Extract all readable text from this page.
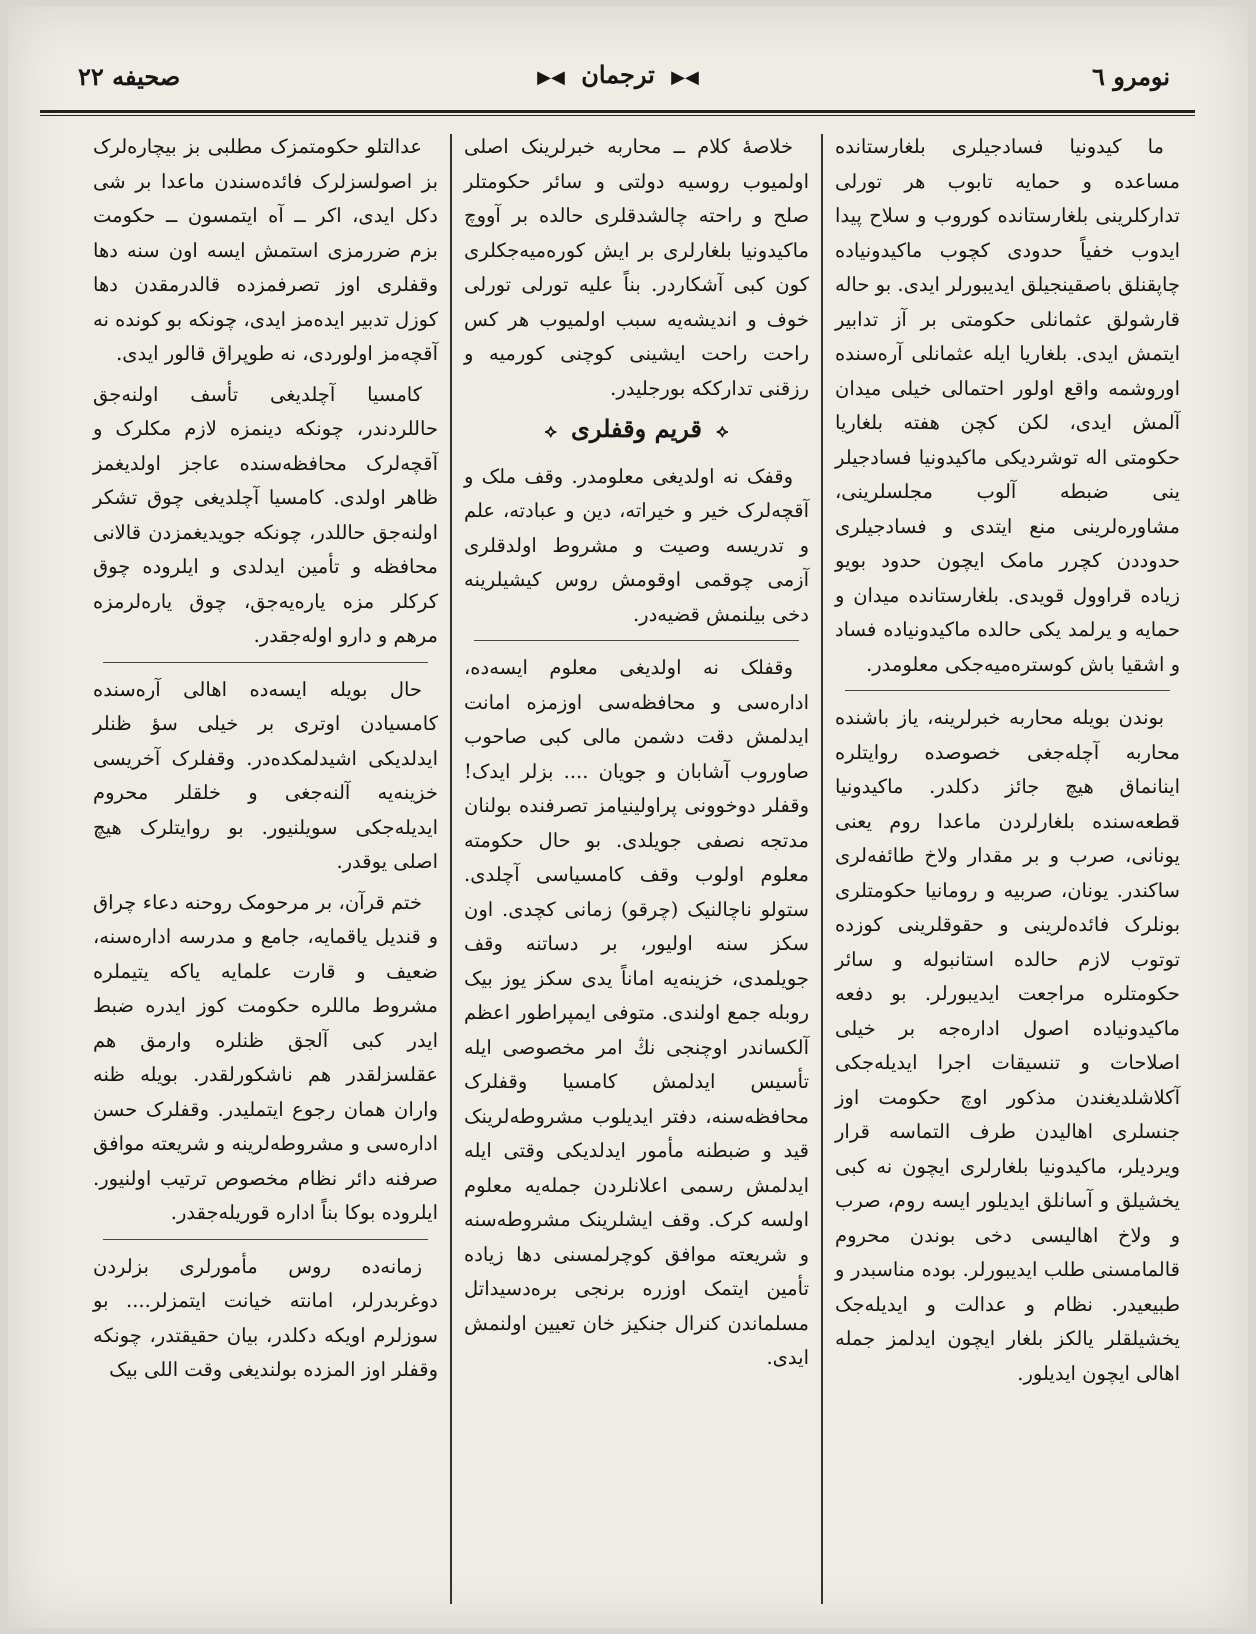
نومرو ٦
◀▶ ترجمان ◀▶
صحیفه ۲۲

ما کیدونیا فسادجیلری بلغارستانده مساعده و حمایه تابوب هر تورلی تدارکلرینی بلغارستانده کوروب و سلاح پیدا ایدوب خفیاً حدودی کچوب ماکیدونیاده چاپقنلق باصقینجیلق ایدیبورلر ایدی. بو حاله قارشولق عثمانلی حکومتی بر آز تدابیر ایتمش ایدی. بلغاریا ایله عثمانلی آره‌سنده اوروشمه واقع اولور احتمالی خیلی میدان آلمش ایدی، لکن کچن هفته بلغاریا حکومتی اله توشردیکی ماکیدونیا فسادجیلر ینی ضبطه آلوب مجلسلرینی، مشاورەلرینی منع ایتدی و فسادجیلری حدوددن کچرر مامک ایچون حدود بویو زیاده قراوول قویدی. بلغارستانده میدان و حمایه و یرلمد یکی حالده ماکیدونیاده فساد و اشقیا باش کوستره‌میه‌جکی معلومدر.

بوندن بویله محاربه خبرلرینه، یاز باشنده محاربه آچله‌جغی خصوصده روایتلره اینانماق هیچ جائز دکلدر. ماکیدونیا قطعه‌سنده بلغارلردن ماعدا روم یعنی یونانی، صرب و بر مقدار ولاخ طائفه‌لری ساکندر. یونان، صربیه و رومانیا حکومتلری بونلرک فائده‌لرینی و حقوقلرینی کوزده توتوب لازم حالده استانبوله و سائر حکومتلره مراجعت ایدیبورلر. بو دفعه ماکیدونیاده اصول اداره‌جه بر خیلی اصلاحات و تنسیقات اجرا ایدیله‌جکی آکلاشلدیغندن مذکور اوچ حکومت اوز جنسلری اهالیدن طرف التماسه قرار ویردیلر، ماکیدونیا بلغارلری ایچون نه کبی یخشیلق و آسانلق ایدیلور ایسه روم، صرب و ولاخ اهالیسی دخی بوندن محروم قالمامسنی طلب ایدیبورلر. بوده مناسبدر و طبیعیدر. نظام و عدالت و ایدیله‌جک یخشیلقلر یالکز بلغار ایچون ایدلمز جمله اهالی ایچون ایدیلور.

خلاصهٔ کلام ــ محاربه خبرلرینک اصلی اولمیوب روسیه دولتی و سائر حکومتلر صلح و راحته چالشدقلری حالده بر آووچ ماکیدونیا بلغارلری بر ایش کوره‌میه‌جکلری کون کبی آشکاردر. بناً علیه تورلی تورلی خوف و اندیشه‌یه سبب اولمیوب هر کس راحت راحت ایشینی کوچنی کورمیه و رزقنی تدارککه بورجلیدر.

⟡ قریم وقفلری ⟡

وقفک نه اولدیغی معلومدر. وقف ملک و آقچه‌لرک خیر و خیراته، دین و عبادته، علم و تدریسه وصیت و مشروط اولدقلری آزمی چوقمی اوقومش روس کیشیلرینه دخی بیلنمش قضیه‌در.

وقفلک نه اولدیغی معلوم ایسه‌ده، اداره‌سی و محافظه‌سی اوزمزه امانت ایدلمش دقت دشمن مالی کبی صاحوب صاوروب آشابان و جویان .... بزلر ایدک! وقفلر دوخوونی پراولینیامز تصرفنده بولنان مدتجه نصفی جویلدی. بو حال حکومته معلوم اولوب وقف کامسیاسی آچلدی. ستولو ناچالنیک (چرقو) زمانی کچدی. اون سکز سنه اولیور، بر دساتنه وقف جویلمدی، خزینه‌یه اماناً یدی سکز یوز بیک روبله جمع اولندی. متوفی ایمپراطور اعظم آلکساندر اوچنجی نڭ امر مخصوصی ایله تأسیس ایدلمش کامسیا وقفلرک محافظه‌سنه، دفتر ایدیلوب مشروطه‌لرینک قید و ضبطنه مأمور ایدلدیکی وقتی ایله ایدلمش رسمی اعلانلردن جمله‌یه معلوم اولسه کرک. وقف ایشلرینک مشروطه‌سنه و شریعته موافق کوچرلمسنی دها زیاده تأمین ایتمک اوزره برنجی بره‌دسیداتل مسلماندن کنرال جنکیز خان تعیین اولنمش ایدی.

عدالتلو حکومتمزک مطلبی بز بیچاره‌لرک بز اصولسزلرک فائده‌سندن ماعدا بر شی دکل ایدی، اکر ــ آه ایتمسون ــ حکومت بزم ضررمزی استمش ایسه اون سنه دها وقفلری اوز تصرفمزده قالدرمقدن دها کوزل تدبیر ایده‌مز ایدی، چونکه بو کونده نه آقچه‌مز اولوردی، نه طوپراق قالور ایدی.

کامسیا آچلدیغی تأسف اولنه‌جق حاللردندر، چونکه دینمزه لازم مکلرک و آقچه‌لرک محافظه‌سنده عاجز اولدیغمز ظاهر اولدی. کامسیا آچلدیغی چوق تشکر اولنه‌جق حاللدر، چونکه جویدیغمزدن قالانی محافظه و تأمین ایدلدی و ایلروده چوق کرکلر مزه یاره‌یه‌جق، چوق یاره‌لرمزه مرهم و دارو اوله‌جقدر.

حال بویله ایسه‌ده اهالی آره‌سنده کامسیادن اوتری بر خیلی سؤ ظنلر ایدلدیکی اشیدلمکده‌در. وقفلرک آخریسی خزینه‌یه آلنه‌جغی و خلقلر محروم ایدیله‌جکی سویلنیور. بو روایتلرک هیچ اصلی یوقدر.

ختم قرآن، بر مرحومک روحنه دعاء چراق و قندیل یاقمایه، جامع و مدرسه اداره‌سنه، ضعیف و قارت علمایه یاکه یتیملره مشروط ماللره حکومت کوز ایدره ضبط ایدر کبی آلجق ظنلره وارمق هم عقلسزلقدر هم ناشکورلقدر. بویله ظنه واران همان رجوع ایتملیدر. وقفلرک حسن اداره‌سی و مشروطه‌لرینه و شریعته موافق صرفنه دائر نظام مخصوص ترتیب اولنیور. ایلروده بوکا بناً اداره قوریله‌جقدر.

زمانه‌ده روس مأمورلری بزلردن دوغربدرلر، امانته خیانت ایتمزلر.... بو سوزلرم اویکه دکلدر، بیان حقیقتدر، چونکه وقفلر اوز المزده بولندیغی وقت اللی بیک
